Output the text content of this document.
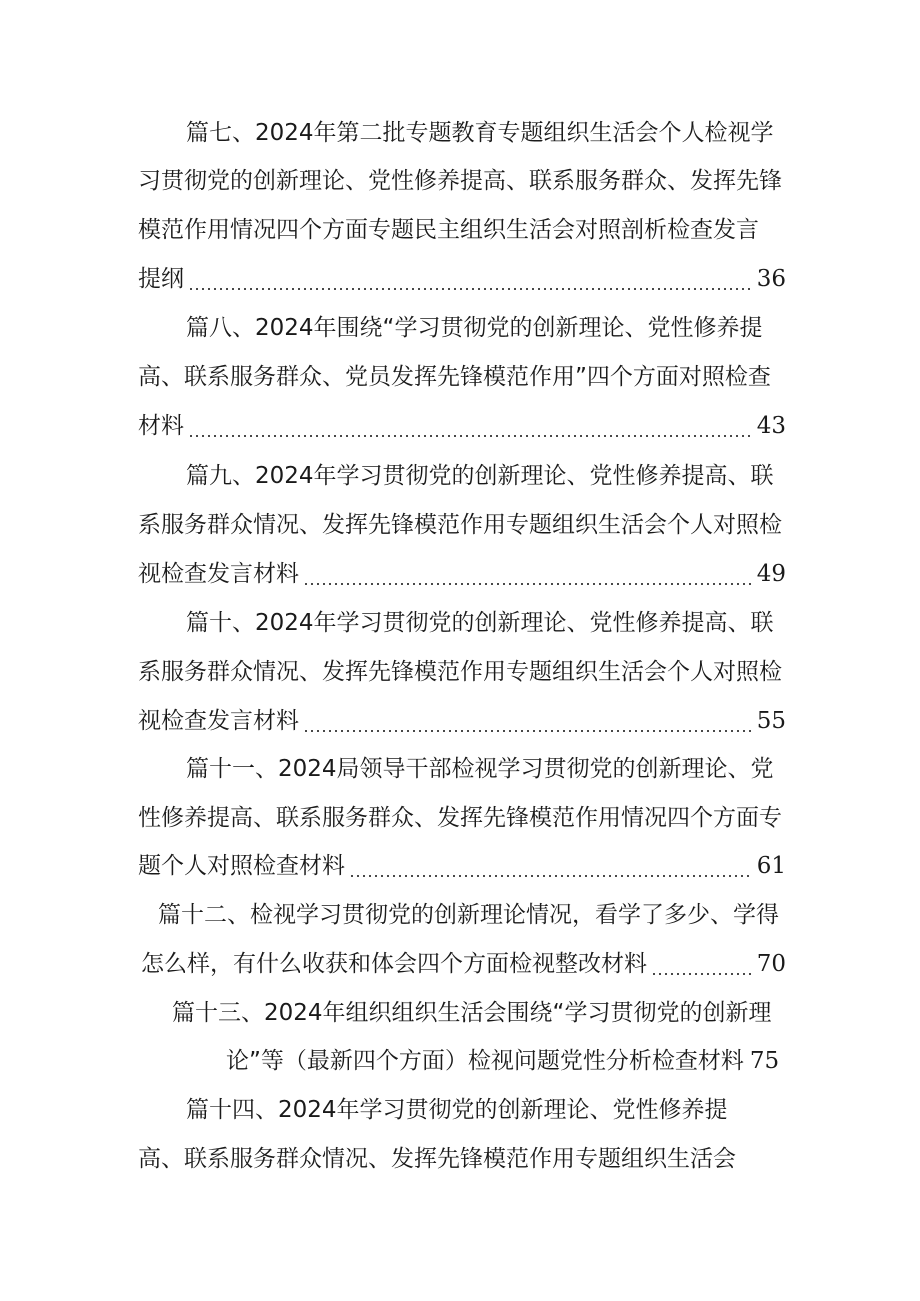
篇七、2024年第二批专题教育专题组织生活会个人检视学
习贯彻党的创新理论、党性修养提高、联系服务群众、发挥先锋
模范作用情况四个方面专题民主组织生活会对照剖析检查发言
提纲	36
篇八、2024年围绕“学习贯彻党的创新理论、党性修养提
高、联系服务群众、党员发挥先锋模范作用”四个方面对照检查
材料	43
篇九、2024年学习贯彻党的创新理论、党性修养提高、联
系服务群众情况、发挥先锋模范作用专题组织生活会个人对照检
视检查发言材料	49
篇十、2024年学习贯彻党的创新理论、党性修养提高、联
系服务群众情况、发挥先锋模范作用专题组织生活会个人对照检
视检查发言材料	55
篇十一、2024局领导干部检视学习贯彻党的创新理论、党
性修养提高、联系服务群众、发挥先锋模范作用情况四个方面专
题个人对照检查材料	61
篇十二、检视学习贯彻党的创新理论情况，看学了多少、学得
怎么样，有什么收获和体会四个方面检视整改材料	70
篇十三、2024年组织组织生活会围绕“学习贯彻党的创新理
论”等（最新四个方面）检视问题党性分析检查材料 75
篇十四、2024年学习贯彻党的创新理论、党性修养提
高、联系服务群众情况、发挥先锋模范作用专题组织生活会
